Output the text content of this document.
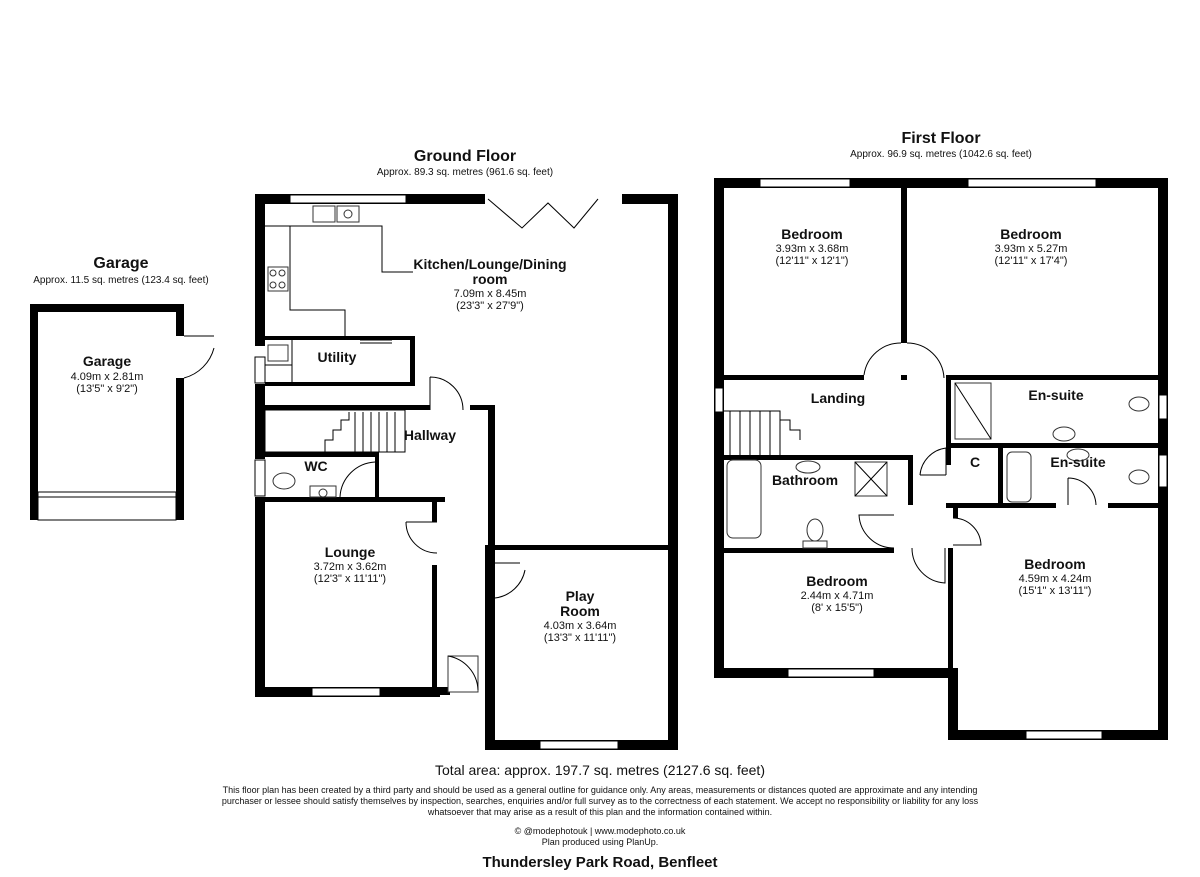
Garage
Approx. 11.5 sq. metres (123.4 sq. feet)
Garage
4.09m x 2.81m
(13'5" x 9'2")
Ground Floor
Approx. 89.3 sq. metres (961.6 sq. feet)
Kitchen/Lounge/Dining
room
7.09m x 8.45m
(23'3" x 27'9")
Utility
Hallway
WC
Lounge
3.72m x 3.62m
(12'3" x 11'11")
Play
Room
4.03m x 3.64m
(13'3" x 11'11")
First Floor
Approx. 96.9 sq. metres (1042.6 sq. feet)
Bedroom
3.93m x 3.68m
(12'11" x 12'1")
Bedroom
3.93m x 5.27m
(12'11" x 17'4")
Landing	En-suite
En-suite
C
Bathroom
Bedroom
2.44m x 4.71m
(8' x 15'5")
Bedroom
4.59m x 4.24m
(15'1" x 13'11")
Total area: approx. 197.7 sq. metres (2127.6 sq. feet)
This floor plan has been created by a third party and should be used as a general outline for guidance only. Any areas, measurements or distances quoted are approximate and any intending
purchaser or lessee should satisfy themselves by inspection, searches, enquiries and/or full survey as to the correctness of each statement. We accept no responsibility or liability for any loss
whatsoever that may arise as a result of this plan and the information contained within.
© @modephotouk | www.modephoto.co.uk
Plan produced using PlanUp.
Thundersley Park Road, Benfleet
